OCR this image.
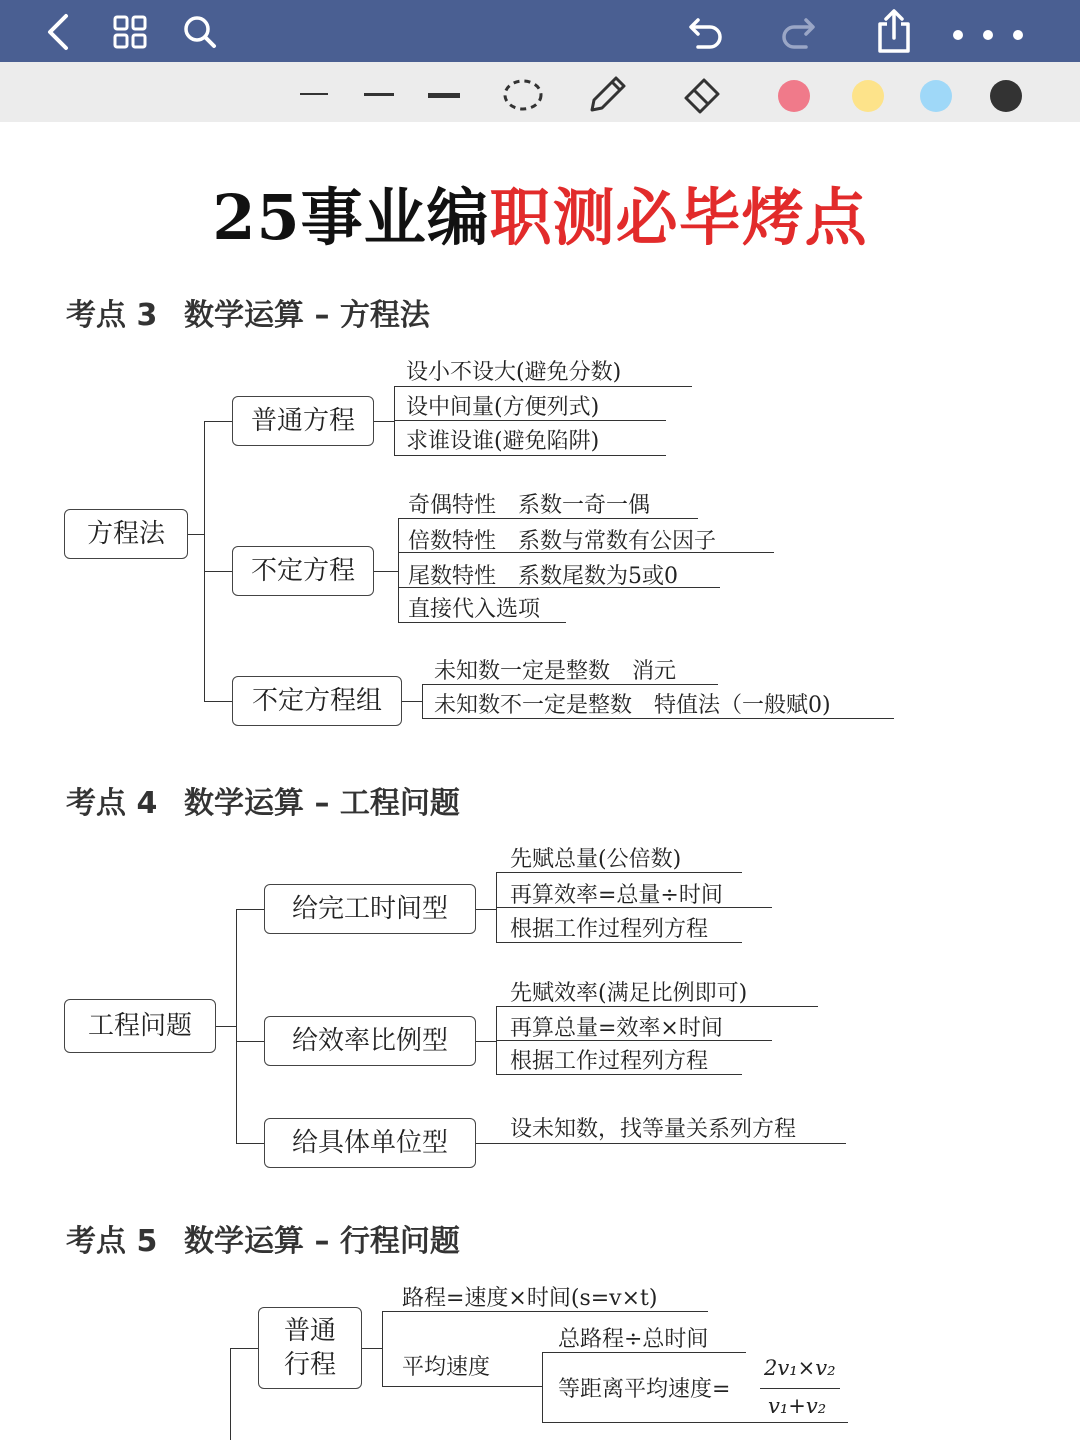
25事业编职测必毕烤点
考点 3 数学运算 – 方程法
方程法
普通方程
不定方程
不定方程组
设小不设大(避免分数)
设中间量(方便列式)
求谁设谁(避免陷阱)
奇偶特性　系数一奇一偶
倍数特性　系数与常数有公因子
尾数特性　系数尾数为5或0
直接代入选项
未知数一定是整数　消元
未知数不一定是整数　特值法（一般赋0)
考点 4 数学运算 – 工程问题
工程问题
给完工时间型
给效率比例型
给具体单位型
先赋总量(公倍数)
再算效率=总量÷时间
根据工作过程列方程
先赋效率(满足比例即可)
再算总量=效率×时间
根据工作过程列方程
设未知数，找等量关系列方程
考点 5 数学运算 – 行程问题
普通
行程
路程=速度×时间(s=v×t)
平均速度
总路程÷总时间
等距离平均速度=
2v₁×v₂
v₁+v₂
